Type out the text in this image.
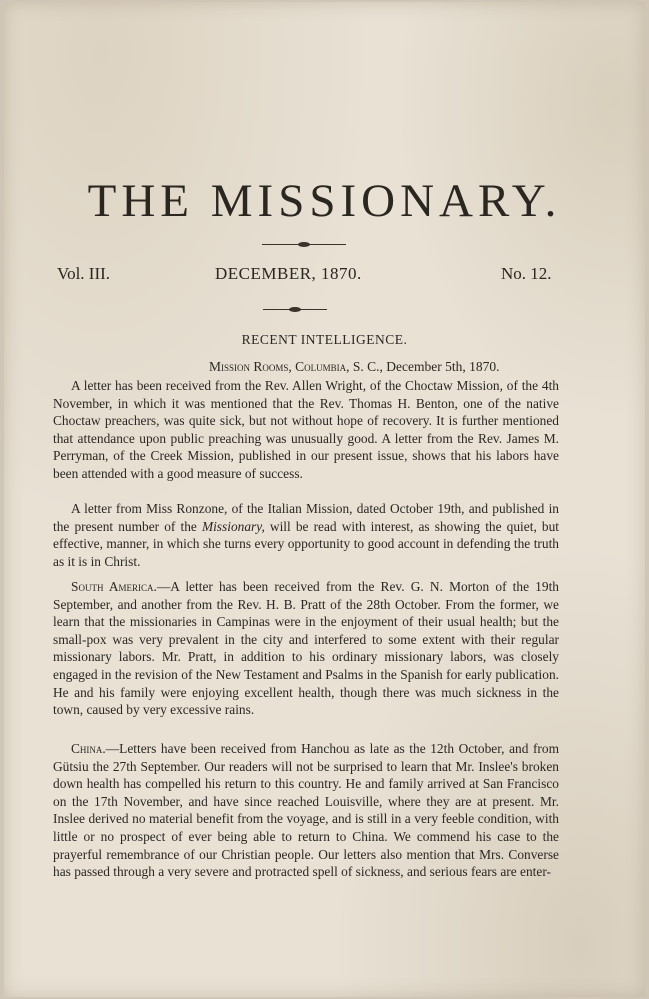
THE MISSIONARY.
Vol. III.	DECEMBER, 1870.	No. 12.
RECENT INTELLIGENCE.
Mission Rooms, Columbia, S. C., December 5th, 1870.

A letter has been received from the Rev. Allen Wright, of the Choctaw Mission, of the 4th November, in which it was mentioned that the Rev. Thomas H. Benton, one of the native Choctaw preachers, was quite sick, but not without hope of recovery. It is further mentioned that attendance upon public preaching was unusually good. A letter from the Rev. James M. Perryman, of the Creek Mission, published in our present issue, shows that his labors have been attended with a good measure of success.

A letter from Miss Ronzone, of the Italian Mission, dated October 19th, and published in the present number of the Missionary, will be read with interest, as showing the quiet, but effective, manner, in which she turns every opportunity to good account in defending the truth as it is in Christ.

South America.—A letter has been received from the Rev. G. N. Morton of the 19th September, and another from the Rev. H. B. Pratt of the 28th October. From the former, we learn that the missionaries in Campinas were in the enjoyment of their usual health; but the small-pox was very prevalent in the city and interfered to some extent with their regular missionary labors. Mr. Pratt, in addition to his ordinary missionary labors, was closely engaged in the revision of the New Testament and Psalms in the Spanish for early publication. He and his family were enjoying excellent health, though there was much sickness in the town, caused by very excessive rains.

China.—Letters have been received from Hanchou as late as the 12th October, and from Gütsiu the 27th September. Our readers will not be surprised to learn that Mr. Inslee's broken down health has compelled his return to this country. He and family arrived at San Francisco on the 17th November, and have since reached Louisville, where they are at present. Mr. Inslee derived no material benefit from the voyage, and is still in a very feeble condition, with little or no prospect of ever being able to return to China. We commend his case to the prayerful remembrance of our Christian people. Our letters also mention that Mrs. Converse has passed through a very severe and protracted spell of sickness, and serious fears are enter-
